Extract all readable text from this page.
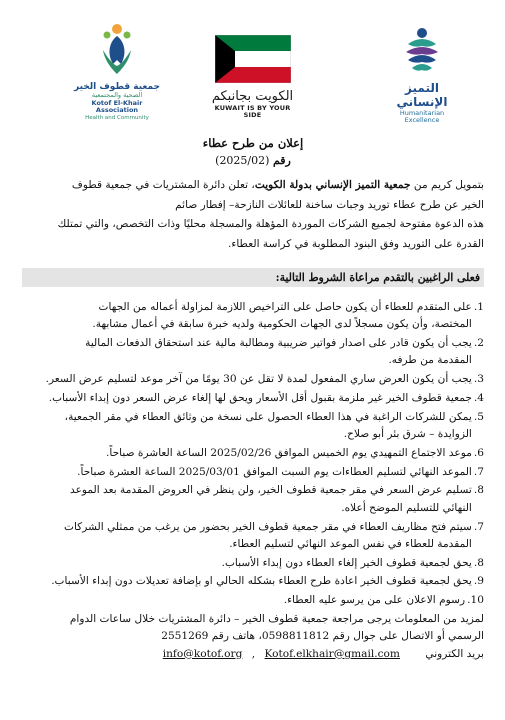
جمعية قطوف الخير
الصحية والمجتمعية
Kotof El-Khair Association
Health and Community
الكويت بجانبكم
KUWAIT IS BY YOUR SIDE
التميز الإنساني
Humanitarian Excellence

إعلان من طرح عطاء

رقم (2025/02)

بتمويل كريم من جمعية التميز الإنساني بدولة الكويت، تعلن دائرة المشتريات في جمعية قطوف

الخير عن طرح عطاء توريد وجبات ساخنة للعائلات النازحة– إفطار صائم

هذه الدعوة مفتوحة لجميع الشركات الموردة المؤهلة والمسجلة محليًا وذات التخصص، والتي تمتلك

القدرة على التوريد وفق البنود المطلوبة في كراسة العطاء.

فعلى الراغبين بالتقدم مراعاة الشروط التالية:
1.
على المتقدم للعطاء أن يكون حاصل على التراخيص اللازمة لمزاولة أعماله من الجهات
المختصة، وأن يكون مسجلاً لدى الجهات الحكومية ولديه خبرة سابقة في أعمال مشابهة.
2.
يجب أن يكون قادر على اصدار فواتير ضريبية ومطالبة مالية عند استحقاق الدفعات المالية
المقدمة من طرفه.
3.
يجب أن يكون العرض ساري المفعول لمدة لا تقل عن 30 يومًا من آخر موعد لتسليم عرض السعر.
4.
جمعية قطوف الخير غير ملزمة بقبول أقل الأسعار ويحق لها إلغاء عرض السعر دون إبداء الأسباب.
5.
يمكن للشركات الراغبة في هذا العطاء الحصول على نسخة من وثائق العطاء في مقر الجمعية،
الزوايدة – شرق بئر أبو صلاح.
6.
موعد الاجتماع التمهيدي يوم الخميس الموافق 2025/02/26 الساعة العاشرة صباحاً.
7.
الموعد النهائي لتسليم العطاءات يوم السبت الموافق 2025/03/01 الساعة العشرة صباحاً.
8.
تسليم عرض السعر في مقر جمعية قطوف الخير، ولن ينظر في العروض المقدمة بعد الموعد
النهائي للتسليم الموضح أعلاه.
7.
سيتم فتح مظاريف العطاء في مقر جمعية قطوف الخير بحضور من يرغب من ممثلي الشركات
المقدمة للعطاء في نفس الموعد النهائي لتسليم العطاء.
8.
يحق لجمعية قطوف الخير إلغاء العطاء دون إبداء الأسباب.
9.
يحق لجمعية قطوف الخير اعادة طرح العطاء بشكله الحالي او بإضافة تعديلات دون إبداء الأسباب.
10.
رسوم الاعلان على من يرسو عليه العطاء.

لمزيد من المعلومات يرجى مراجعة جمعية قطوف الخير – دائرة المشتريات خلال ساعات الدوام

الرسمي أو الاتصال على جوال رقم 0598811812، هاتف رقم 2551269

بريد الكتروني info@kotof.org , Kotof.elkhair@gmail.com
